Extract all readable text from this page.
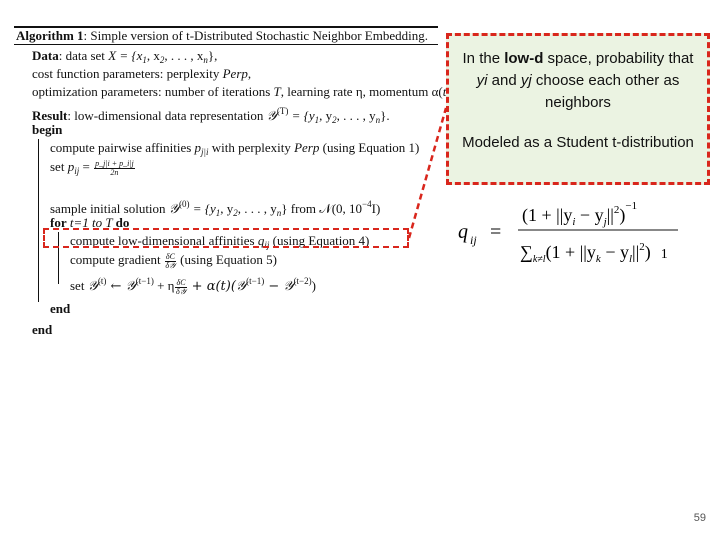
Algorithm 1: Simple version of t-Distributed Stochastic Neighbor Embedding.
Data: data set $X = \{x_1$, $x_2$, . . . , $x_n$},
cost function parameters: perplexity Perp,
optimization parameters: number of iterations T, learning rate η, momentum α(t
Result: low-dimensional data representation 𝒴$^{(T)}$ = {$y_1$, $y_2$, . . . , $y_n$}.
begin
compute pairwise affinities $p_{j|i}$ with perplexity Perp (using Equation 1)
set $p_{ij} = \frac{p\_j|i + p\_i|j}{2n}$
sample initial solution 𝒴$^{(0)}$ = {$y_1$, $y_2$, . . . , $y_n$} from 𝒩(0, $10^{-4}I$)
for t=1 to T do
compute low-dimensional affinities $q_{ij}$ (using Equation 4)
compute gradient $\frac{\delta C}{\text{δ𝒴}} (using$ Equation 5)
set 𝒴$^{(t)}$ ← 𝒴$^{(t-1)}$ + η $\frac{\delta C}{\text{δ𝒴}}$ + α(t)(𝒴$^{(t-1)}$ − 𝒴$^{(t-2)}$)
end
end

In the low-d space, probability that yi and yj choose each other as neighbors

Modeled as a Student t-distribution

q ij =
$(1 + ||y_i - y_j||^2)^{-1}$
$\sum_{k\ne l}(1 + ||y_k - y_l||^2)$ 1
59
